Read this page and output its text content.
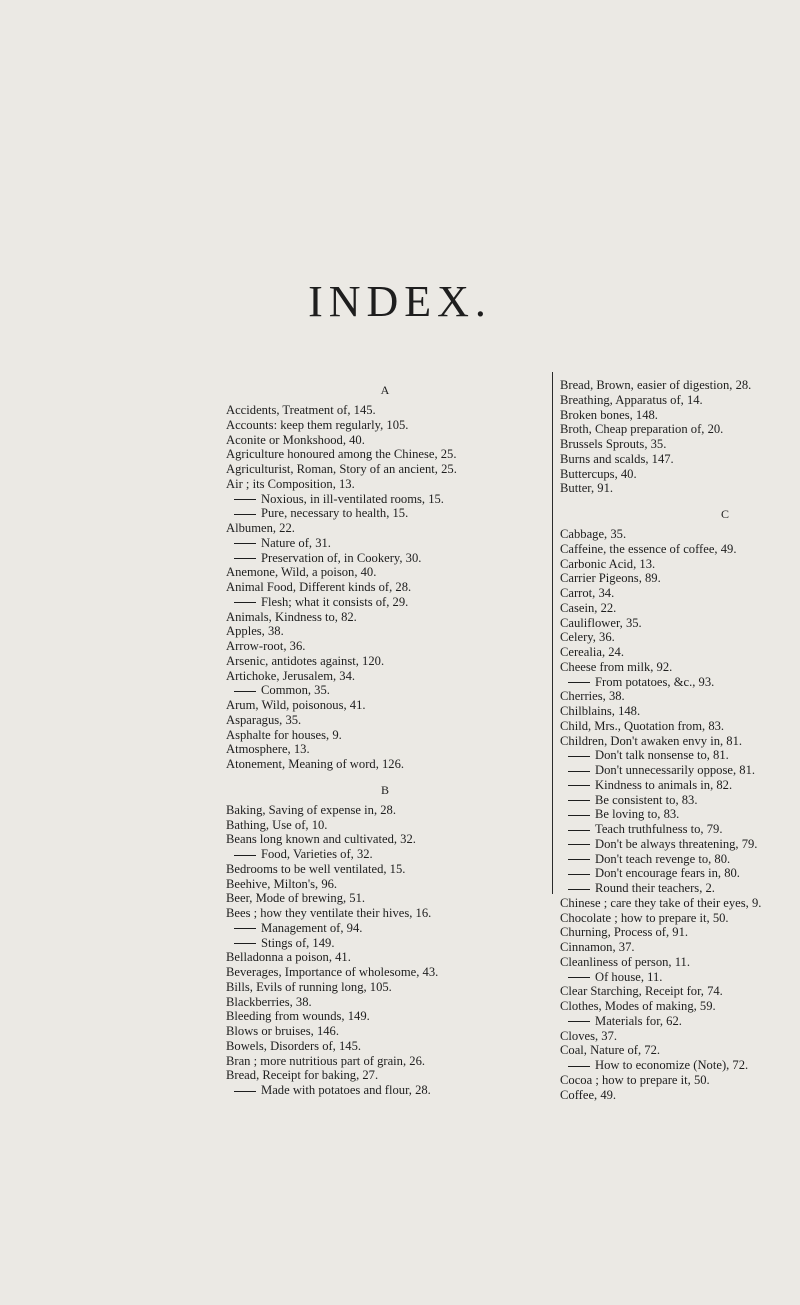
INDEX.
A
Accidents, Treatment of, 145.
Accounts: keep them regularly, 105.
Aconite or Monkshood, 40.
Agriculture honoured among the Chinese, 25.
Agriculturist, Roman, Story of an ancient, 25.
Air ; its Composition, 13.
Noxious, in ill-ventilated rooms, 15.
Pure, necessary to health, 15.
Albumen, 22.
Nature of, 31.
Preservation of, in Cookery, 30.
Anemone, Wild, a poison, 40.
Animal Food, Different kinds of, 28.
Flesh; what it consists of, 29.
Animals, Kindness to, 82.
Apples, 38.
Arrow-root, 36.
Arsenic, antidotes against, 120.
Artichoke, Jerusalem, 34.
Common, 35.
Arum, Wild, poisonous, 41.
Asparagus, 35.
Asphalte for houses, 9.
Atmosphere, 13.
Atonement, Meaning of word, 126.
B
Baking, Saving of expense in, 28.
Bathing, Use of, 10.
Beans long known and cultivated, 32.
Food, Varieties of, 32.
Bedrooms to be well ventilated, 15.
Beehive, Milton's, 96.
Beer, Mode of brewing, 51.
Bees ; how they ventilate their hives, 16.
Management of, 94.
Stings of, 149.
Belladonna a poison, 41.
Beverages, Importance of wholesome, 43.
Bills, Evils of running long, 105.
Blackberries, 38.
Bleeding from wounds, 149.
Blows or bruises, 146.
Bowels, Disorders of, 145.
Bran ; more nutritious part of grain, 26.
Bread, Receipt for baking, 27.
Made with potatoes and flour, 28.
Bread, Brown, easier of digestion, 28.
Breathing, Apparatus of, 14.
Broken bones, 148.
Broth, Cheap preparation of, 20.
Brussels Sprouts, 35.
Burns and scalds, 147.
Buttercups, 40.
Butter, 91.
C
Cabbage, 35.
Caffeine, the essence of coffee, 49.
Carbonic Acid, 13.
Carrier Pigeons, 89.
Carrot, 34.
Casein, 22.
Cauliflower, 35.
Celery, 36.
Cerealia, 24.
Cheese from milk, 92.
From potatoes, &c., 93.
Cherries, 38.
Chilblains, 148.
Child, Mrs., Quotation from, 83.
Children, Don't awaken envy in, 81.
Don't talk nonsense to, 81.
Don't unnecessarily oppose, 81.
Kindness to animals in, 82.
Be consistent to, 83.
Be loving to, 83.
Teach truthfulness to, 79.
Don't be always threatening, 79.
Don't teach revenge to, 80.
Don't encourage fears in, 80.
Round their teachers, 2.
Chinese ; care they take of their eyes, 9.
Chocolate ; how to prepare it, 50.
Churning, Process of, 91.
Cinnamon, 37.
Cleanliness of person, 11.
Of house, 11.
Clear Starching, Receipt for, 74.
Clothes, Modes of making, 59.
Materials for, 62.
Cloves, 37.
Coal, Nature of, 72.
How to economize (Note), 72.
Cocoa ; how to prepare it, 50.
Coffee, 49.
